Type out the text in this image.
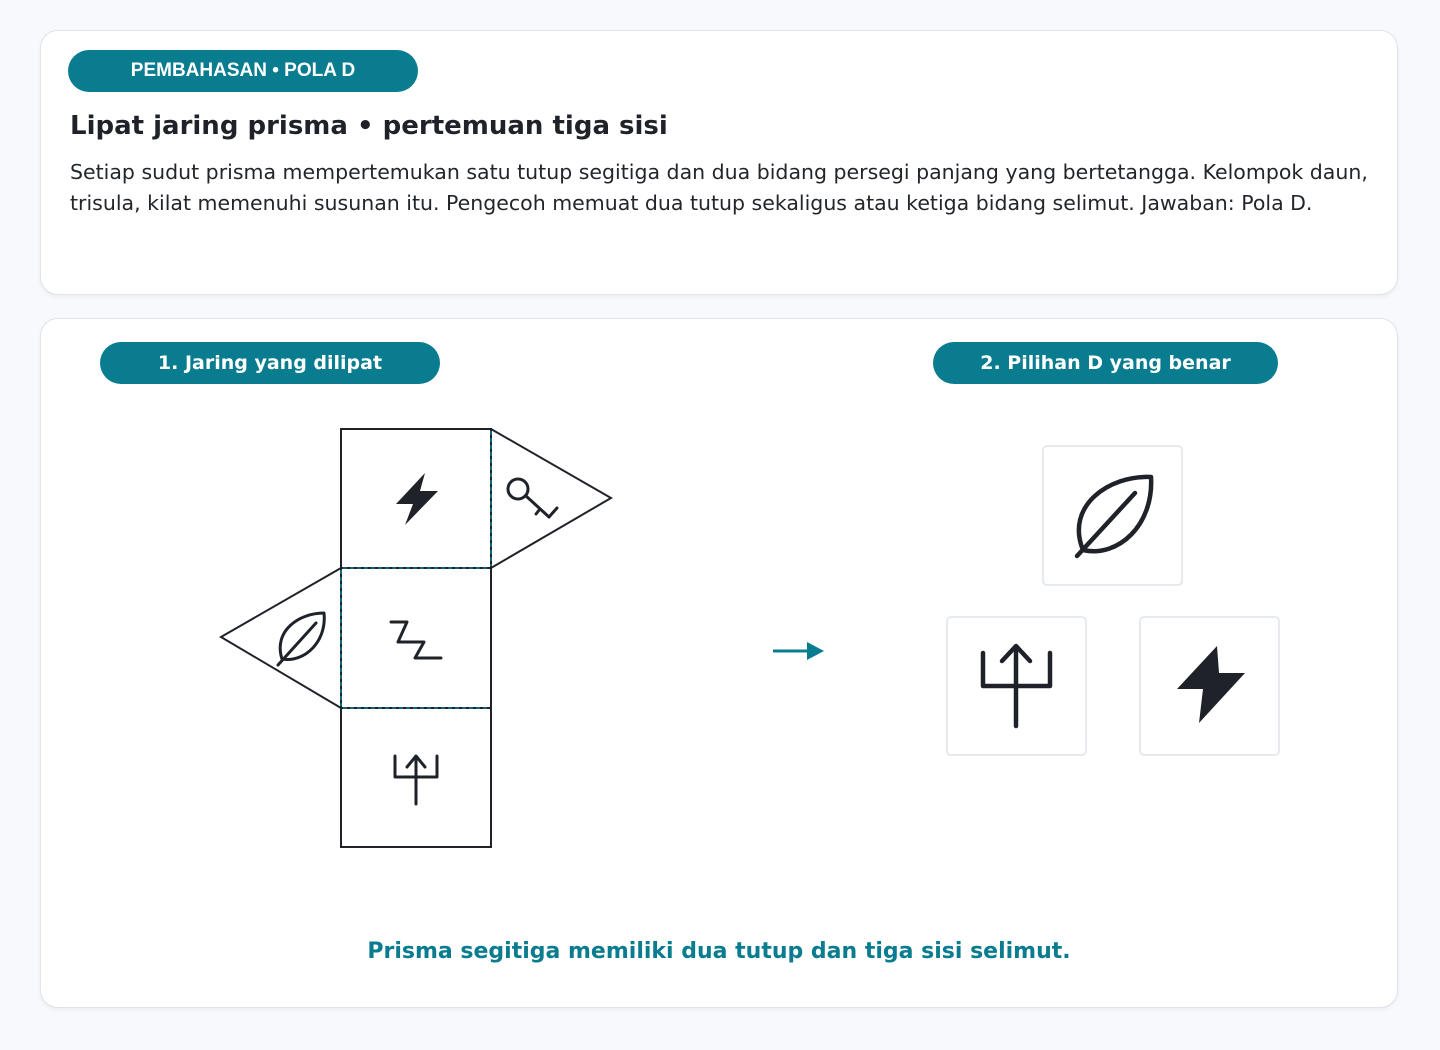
PEMBAHASAN • POLA D
Lipat jaring prisma • pertemuan tiga sisi

Setiap sudut prisma mempertemukan satu tutup segitiga dan dua bidang persegi panjang yang bertetangga. Kelompok daun, trisula, kilat memenuhi susunan itu. Pengecoh memuat dua tutup sekaligus atau ketiga bidang selimut. Jawaban: Pola D.

1. Jaring yang dilipat	2. Pilihan D yang benar
Prisma segitiga memiliki dua tutup dan tiga sisi selimut.
